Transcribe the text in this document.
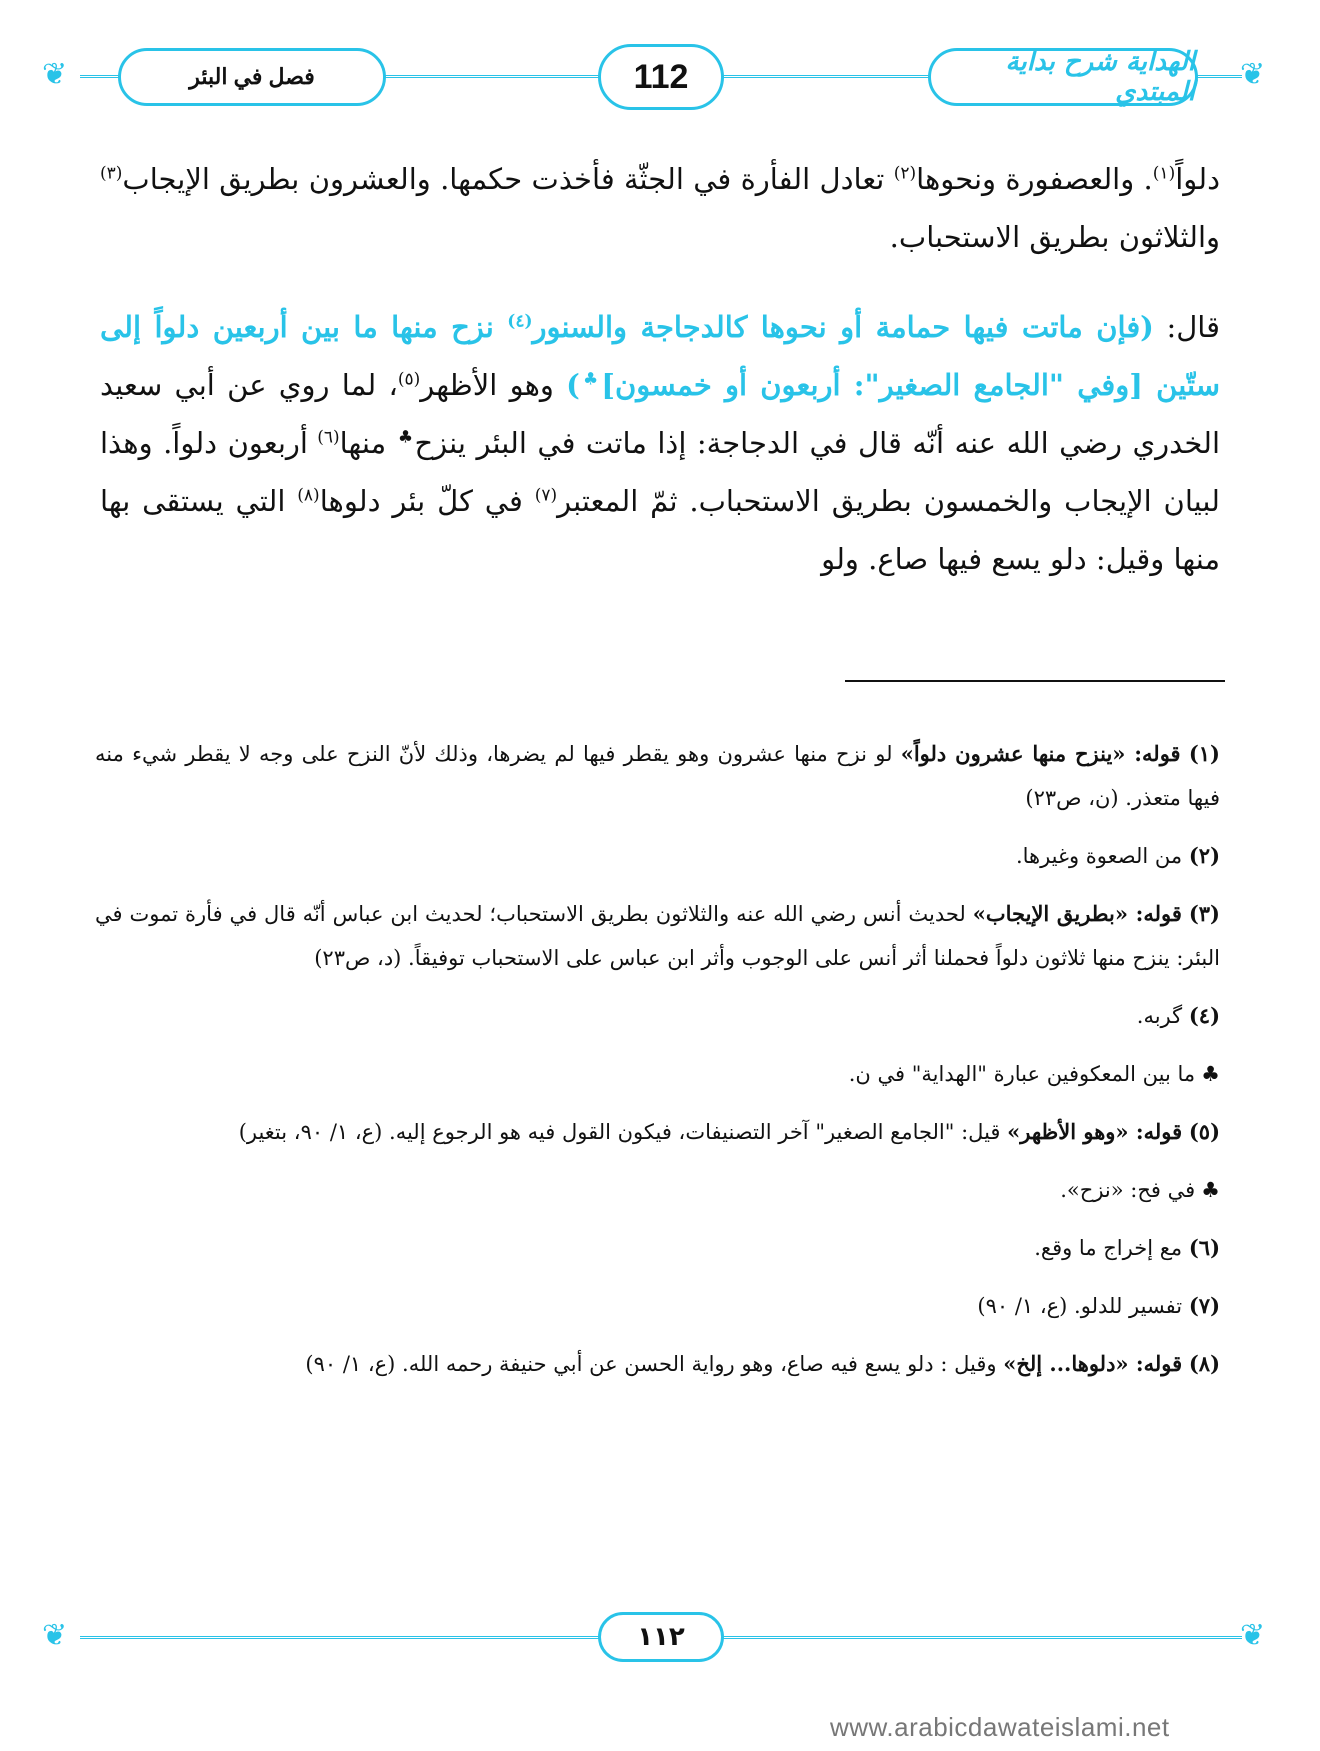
❦	❦
الهداية شرح بداية المبتدي
112
فصل في البئر
دلواً$^{(١)}$. والعصفورة ونحوها$^{(٢)}$ تعادل الفأرة في الجثّة فأخذت حكمها. والعشرون بطريق الإيجاب$^{(٣)}$ والثلاثون بطريق الاستحباب.
قال: (فإن ماتت فيها حمامة أو نحوها كالدجاجة والسنور$^{(٤)}$ نزح منها ما بين أربعين دلواً إلى ستّين [وفي "الجامع الصغير": أربعون أو خمسون]♣) وهو الأظهر$^{(٥)}$، لما روي عن أبي سعيد الخدري رضي الله عنه أنّه قال في الدجاجة: إذا ماتت في البئر ينزح♣ منها$^{(٦)}$ أربعون دلواً. وهذا لبيان الإيجاب والخمسون بطريق الاستحباب. ثمّ المعتبر$^{(٧)}$ في كلّ بئر دلوها$^{(٨)}$ التي يستقى بها منها وقيل: دلو يسع فيها صاع. ولو

(١) قوله: «ينزح منها عشرون دلواً» لو نزح منها عشرون وهو يقطر فيها لم يضرها، وذلك لأنّ النزح على وجه لا يقطر شيء منه فيها متعذر. (ن، ص٢٣)

(٢) من الصعوة وغيرها.

(٣) قوله: «بطريق الإيجاب» لحديث أنس رضي الله عنه والثلاثون بطريق الاستحباب؛ لحديث ابن عباس أنّه قال في فأرة تموت في البئر: ينزح منها ثلاثون دلواً فحملنا أثر أنس على الوجوب وأثر ابن عباس على الاستحباب توفيقاً. (د، ص٢٣)

(٤) گربه.

♣ما بين المعكوفين عبارة "الهداية" في ن.

(٥) قوله: «وهو الأظهر» قيل: "الجامع الصغير" آخر التصنيفات، فيكون القول فيه هو الرجوع إليه. (ع، ١/ ٩٠، بتغير)

♣في فح: «نزح».

(٦) مع إخراج ما وقع.

(٧) تفسير للدلو. (ع، ١/ ٩٠)

(٨) قوله: «دلوها... إلخ» وقيل : دلو يسع فيه صاع، وهو رواية الحسن عن أبي حنيفة رحمه الله. (ع، ١/ ٩٠)

❦	❦
١١٢
www.arabicdawateislami.net
